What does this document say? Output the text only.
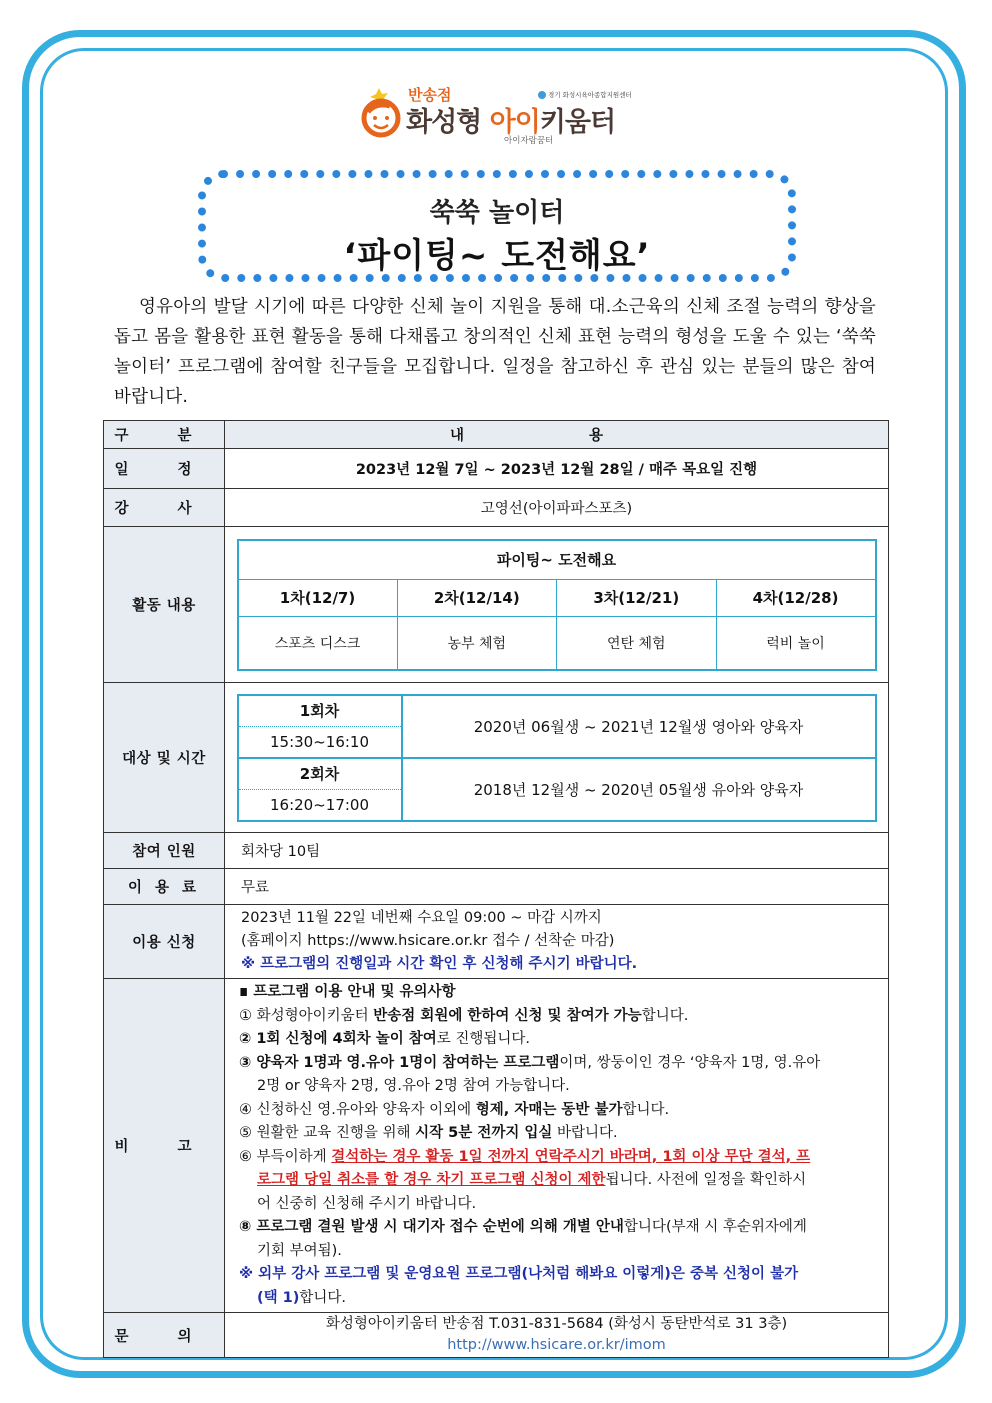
반송점
화성형 아이키움터
아이자람꿈터
경기 화성시육아종합지원센터
쑥쑥 놀이터
‘파이팅~ 도전해요’
영유아의 발달 시기에 따른 다양한 신체 놀이 지원을 통해 대.소근육의 신체 조절 능력의 향상을 돕고 몸을 활용한 표현 활동을 통해 다채롭고 창의적인 신체 표현 능력의 형성을 도울 수 있는 ‘쑥쑥 놀이터’ 프로그램에 참여할 친구들을 모집합니다. 일정을 참고하신 후 관심 있는 분들의 많은 참여 바랍니다.
구 분	내 용
일 정	2023년 12월 7일 ~ 2023년 12월 28일 / 매주 목요일 진행
강 사	고영선(아이파파스포츠)
활동 내용	
파이팅~ 도전해요
1차(12/7)	2차(12/14)	3차(12/21)	4차(12/28)
스포츠 디스크	농부 체험	연탄 체험	럭비 놀이

대상 및 시간	
1회차	2020년 06월생 ~ 2021년 12월생 영아와 양육자
15:30~16:10
2회차	2018년 12월생 ~ 2020년 05월생 유아와 양육자
16:20~17:00

참여 인원	회차당 10팀
이 용 료	무료
이용 신청	
2023년 11월 22일 네번째 수요일 09:00 ~ 마감 시까지
(홈페이지 https://www.hsicare.or.kr 접수 / 선착순 마감)
※ 프로그램의 진행일과 시간 확인 후 신청해 주시기 바랍니다.

비 고	
∎ 프로그램 이용 안내 및 유의사항
① 화성형아이키움터 반송점 회원에 한하여 신청 및 참여가 가능합니다.
② 1회 신청에 4회차 놀이 참여로 진행됩니다.
③ 양육자 1명과 영.유아 1명이 참여하는 프로그램이며, 쌍둥이인 경우 ‘양육자 1명, 영.유아
2명 or 양육자 2명, 영.유아 2명 참여 가능합니다.
④ 신청하신 영.유아와 양육자 이외에 형제, 자매는 동반 불가합니다.
⑤ 원활한 교육 진행을 위해 시작 5분 전까지 입실 바랍니다.
⑥ 부득이하게 결석하는 경우 활동 1일 전까지 연락주시기 바라며, 1회 이상 무단 결석, 프
로그램 당일 취소를 할 경우 차기 프로그램 신청이 제한됩니다. 사전에 일정을 확인하시
어 신중히 신청해 주시기 바랍니다.
⑧ 프로그램 결원 발생 시 대기자 접수 순번에 의해 개별 안내합니다(부재 시 후순위자에게
기회 부여됨).
※ 외부 강사 프로그램 및 운영요원 프로그램(나처럼 해봐요 이렇게)은 중복 신청이 불가
(택 1)합니다.

문 의	
화성형아이키움터 반송점 T.031-831-5684 (화성시 동탄반석로 31 3층)
http://www.hsicare.or.kr/imom
